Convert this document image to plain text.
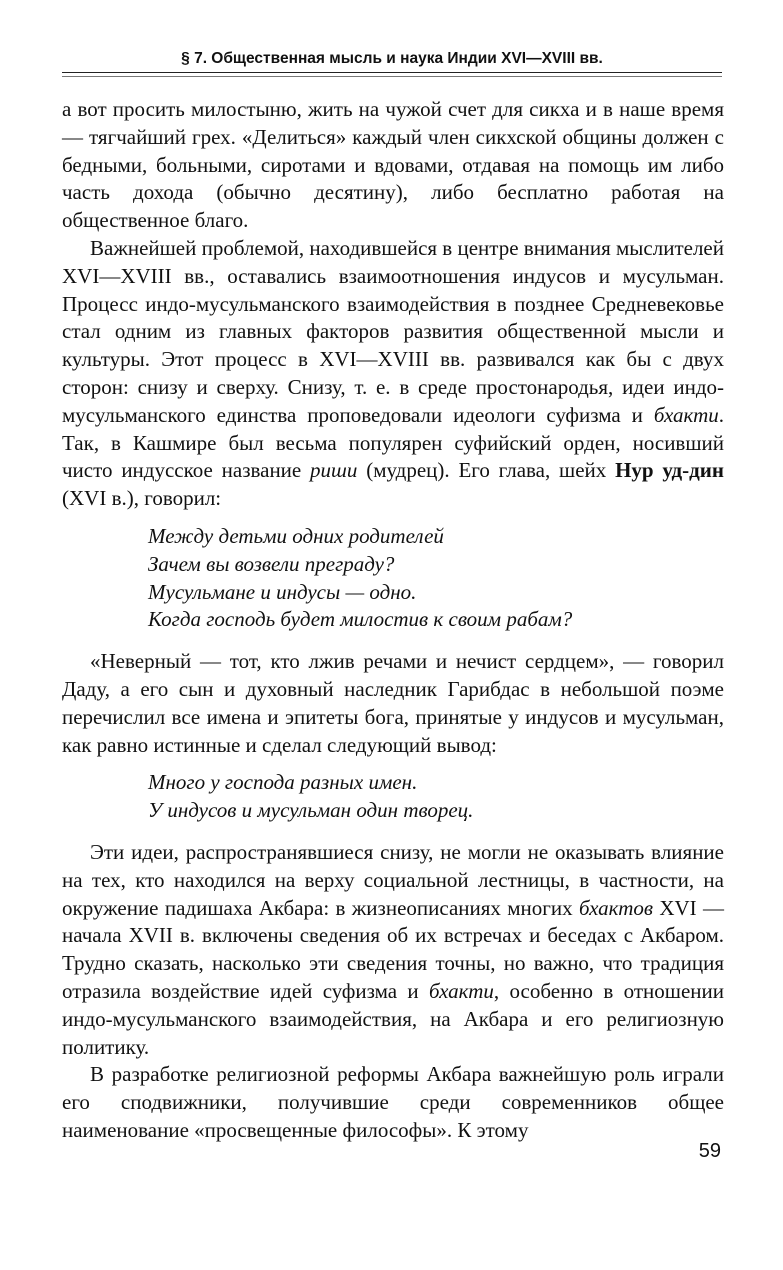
§ 7. Общественная мысль и наука Индии XVI—XVIII вв.

а вот просить милостыню, жить на чужой счет для сикха и в наше время — тягчайший грех. «Делиться» каждый член сикхской общины должен с бедными, больными, сиротами и вдовами, отдавая на помощь им либо часть дохода (обычно десятину), либо бесплатно работая на общественное благо.

Важнейшей проблемой, находившейся в центре внимания мыслителей XVI—XVIII вв., оставались взаимоотношения индусов и мусульман. Процесс индо-мусульманского взаимодействия в позднее Средневековье стал одним из главных факторов развития общественной мысли и культуры. Этот процесс в XVI—XVIII вв. развивался как бы с двух сторон: снизу и сверху. Снизу, т. е. в среде простонародья, идеи индо-мусульманского единства проповедовали идеологи суфизма и бхакти. Так, в Кашмире был весьма популярен суфийский орден, носивший чисто индусское название риши (мудрец). Его глава, шейх Нур уд-дин (XVI в.), говорил:

Между детьми одних родителей
Зачем вы возвели преграду?
Мусульмане и индусы — одно.
Когда господь будет милостив к своим рабам?

«Неверный — тот, кто лжив речами и нечист сердцем», — говорил Даду, а его сын и духовный наследник Гарибдас в небольшой поэме перечислил все имена и эпитеты бога, принятые у индусов и мусульман, как равно истинные и сделал следующий вывод:

Много у господа разных имен.
У индусов и мусульман один творец.

Эти идеи, распространявшиеся снизу, не могли не оказывать влияние на тех, кто находился на верху социальной лестницы, в частности, на окружение падишаха Акбара: в жизнеописаниях многих бхактов XVI — начала XVII в. включены сведения об их встречах и беседах с Акбаром. Трудно сказать, насколько эти сведения точны, но важно, что традиция отразила воздействие идей суфизма и бхакти, особенно в отношении индо-мусульманского взаимодействия, на Акбара и его религиозную политику.

В разработке религиозной реформы Акбара важнейшую роль играли его сподвижники, получившие среди современников общее наименование «просвещенные философы». К этому

59
